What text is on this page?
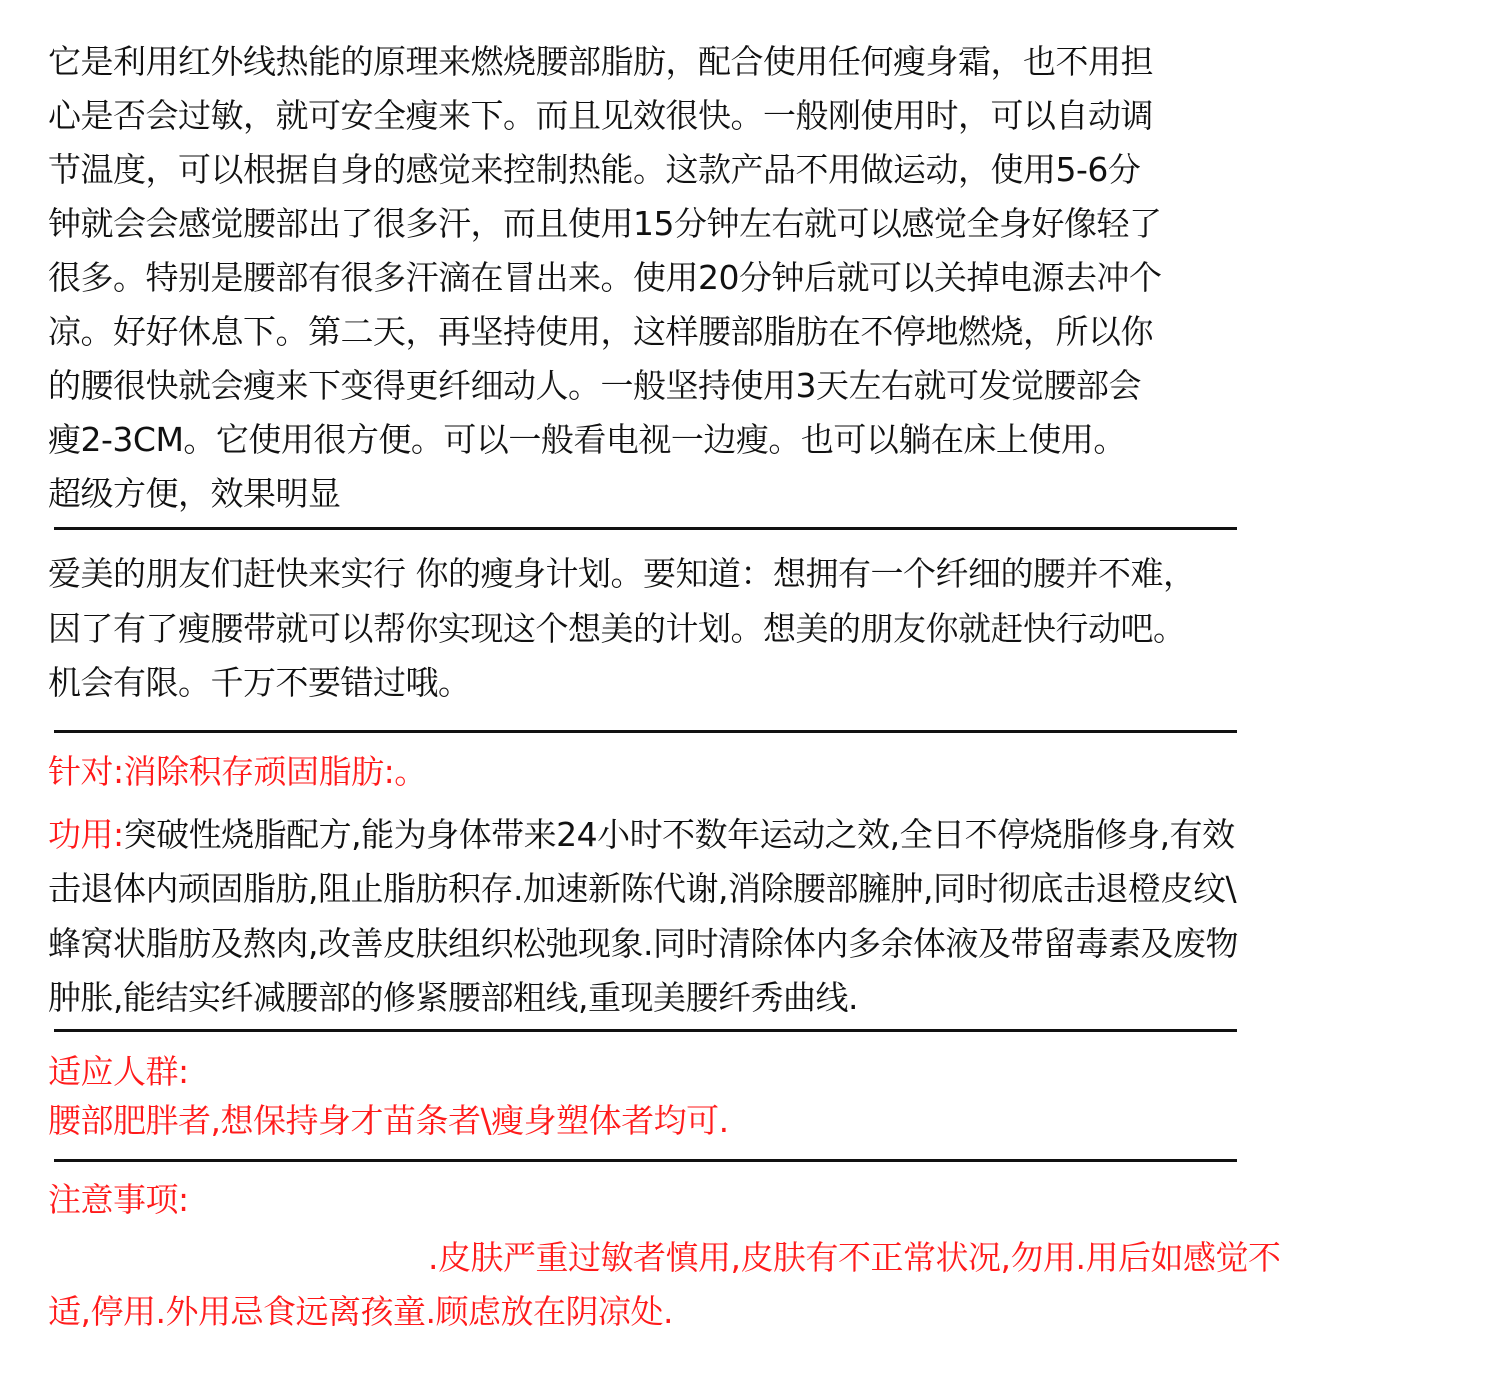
它是利用红外线热能的原理来燃烧腰部脂肪，配合使用任何瘦身霜，也不用担
心是否会过敏，就可安全瘦来下。而且见效很快。一般刚使用时，可以自动调
节温度，可以根据自身的感觉来控制热能。这款产品不用做运动，使用5-6分
钟就会会感觉腰部出了很多汗，而且使用15分钟左右就可以感觉全身好像轻了
很多。特别是腰部有很多汗滴在冒出来。使用20分钟后就可以关掉电源去冲个
凉。好好休息下。第二天，再坚持使用，这样腰部脂肪在不停地燃烧，所以你
的腰很快就会瘦来下变得更纤细动人。一般坚持使用3天左右就可发觉腰部会
瘦2-3CM。它使用很方便。可以一般看电视一边瘦。也可以躺在床上使用。
超级方便，效果明显
爱美的朋友们赶快来实行 你的瘦身计划。要知道：想拥有一个纤细的腰并不难，
因了有了瘦腰带就可以帮你实现这个想美的计划。想美的朋友你就赶快行动吧。
机会有限。千万不要错过哦。
针对:消除积存顽固脂肪:。
功用:突破性烧脂配方,能为身体带来24小时不数年运动之效,全日不停烧脂修身,有效
击退体内顽固脂肪,阻止脂肪积存.加速新陈代谢,消除腰部臃肿,同时彻底击退橙皮纹\
蜂窝状脂肪及熬肉,改善皮肤组织松弛现象.同时清除体内多余体液及带留毒素及废物
肿胀,能结实纤减腰部的修紧腰部粗线,重现美腰纤秀曲线.
适应人群:
腰部肥胖者,想保持身才苗条者\瘦身塑体者均可.
注意事项:
.皮肤严重过敏者慎用,皮肤有不正常状况,勿用.用后如感觉不
适,停用.外用忌食远离孩童.顾虑放在阴凉处.
